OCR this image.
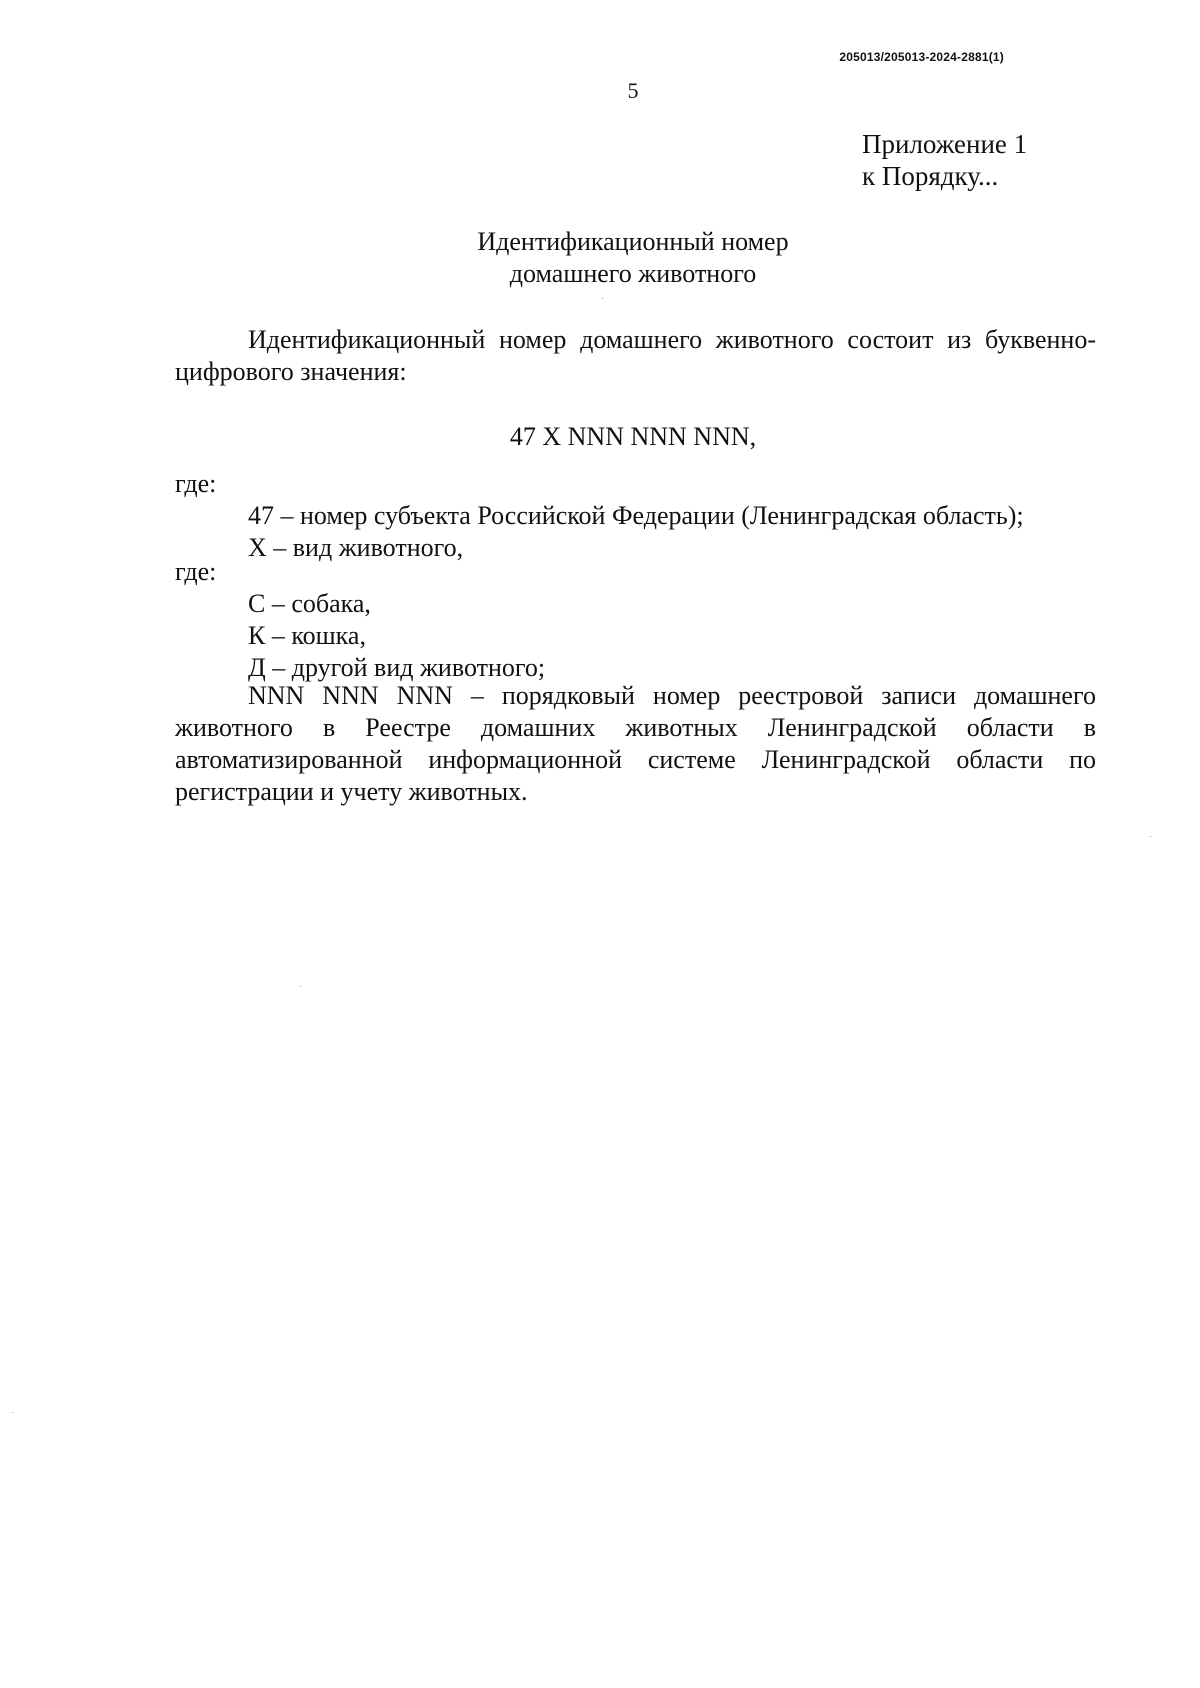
205013/205013-2024-2881(1)
5
Приложение 1
к Порядку...
Идентификационный номер
домашнего животного

Идентификационный номер домашнего животного состоит из буквенно-цифрового значения:

47 Х NNN NNN NNN,

где:

47 – номер субъекта Российской Федерации (Ленинградская область);

Х – вид животного,

где:

С – собака,

К – кошка,

Д – другой вид животного;

NNN NNN NNN – порядковый номер реестровой записи домашнего животного в Реестре домашних животных Ленинградской области в автоматизированной информационной системе Ленинградской области по регистрации и учету животных.
